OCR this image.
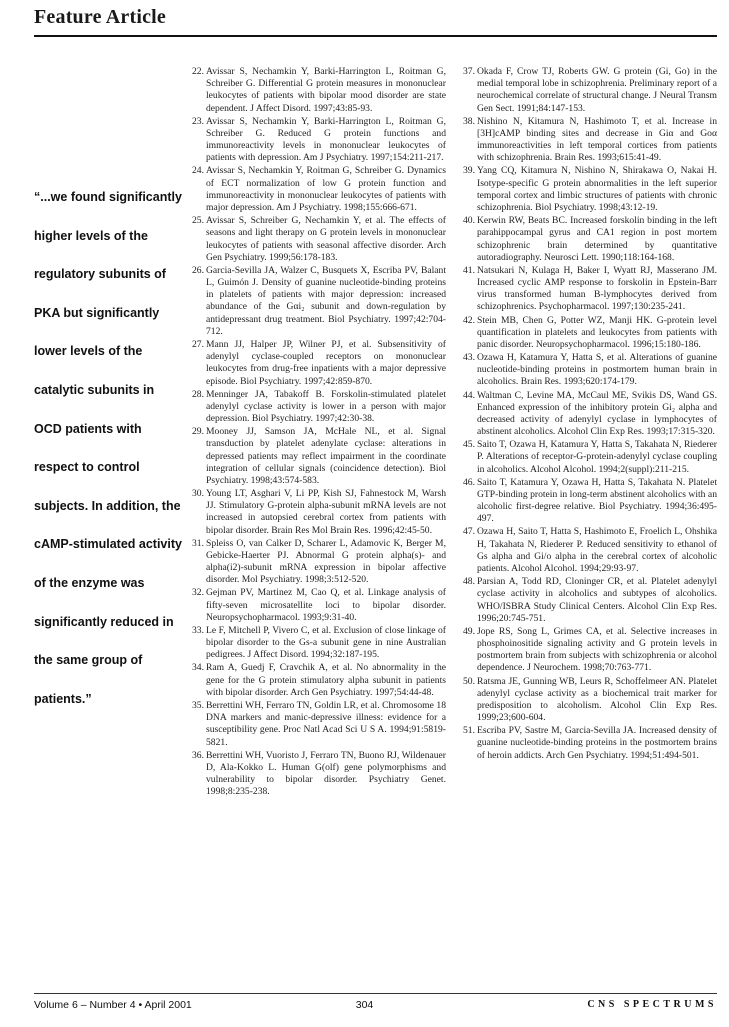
Feature Article
“...we found significantly higher levels of the regulatory subunits of PKA but significantly lower levels of the catalytic subunits in OCD patients with respect to control subjects. In addition, the cAMP-stimulated activity of the enzyme was significantly reduced in the same group of patients.”
22. Avissar S, Nechamkin Y, Barki-Harrington L, Roitman G, Schreiber G. Differential G protein measures in mononuclear leukocytes of patients with bipolar mood disorder are state dependent. J Affect Disord. 1997;43:85-93.
23. Avissar S, Nechamkin Y, Barki-Harrington L, Roitman G, Schreiber G. Reduced G protein functions and immunoreactivity levels in mononuclear leukocytes of patients with depression. Am J Psychiatry. 1997;154:211-217.
24. Avissar S, Nechamkin Y, Roitman G, Schreiber G. Dynamics of ECT normalization of low G protein function and immunoreactivity in mononuclear leukocytes of patients with major depression. Am J Psychiatry. 1998;155:666-671.
25. Avissar S, Schreiber G, Nechamkin Y, et al. The effects of seasons and light therapy on G protein levels in mononuclear leukocytes of patients with seasonal affective disorder. Arch Gen Psychiatry. 1999;56:178-183.
26. Garcia-Sevilla JA, Walzer C, Busquets X, Escriba PV, Balant L, Guimón J. Density of guanine nucleotide-binding proteins in platelets of patients with major depression: increased abundance of the Gαi₂ subunit and down-regulation by antidepressant drug treatment. Biol Psychiatry. 1997;42:704-712.
27. Mann JJ, Halper JP, Wilner PJ, et al. Subsensitivity of adenylyl cyclase-coupled receptors on mononuclear leukocytes from drug-free inpatients with a major depressive episode. Biol Psychiatry. 1997;42:859-870.
28. Menninger JA, Tabakoff B. Forskolin-stimulated platelet adenylyl cyclase activity is lower in a person with major depression. Biol Psychiatry. 1997;42:30-38.
29. Mooney JJ, Samson JA, McHale NL, et al. Signal transduction by platelet adenylate cyclase: alterations in depressed patients may reflect impairment in the coordinate integration of cellular signals (coincidence detection). Biol Psychiatry. 1998;43:574-583.
30. Young LT, Asghari V, Li PP, Kish SJ, Fahnestock M, Warsh JJ. Stimulatory G-protein alpha-subunit mRNA levels are not increased in autopsied cerebral cortex from patients with bipolar disorder. Brain Res Mol Brain Res. 1996;42:45-50.
31. Spleiss O, van Calker D, Scharer L, Adamovic K, Berger M, Gebicke-Haerter PJ. Abnormal G protein alpha(s)- and alpha(i2)-subunit mRNA expression in bipolar affective disorder. Mol Psychiatry. 1998;3:512-520.
32. Gejman PV, Martinez M, Cao Q, et al. Linkage analysis of fifty-seven microsatellite loci to bipolar disorder. Neuropsychopharmacol. 1993;9:31-40.
33. Le F, Mitchell P, Vivero C, et al. Exclusion of close linkage of bipolar disorder to the Gs-a subunit gene in nine Australian pedigrees. J Affect Disord. 1994;32:187-195.
34. Ram A, Guedj F, Cravchik A, et al. No abnormality in the gene for the G protein stimulatory alpha subunit in patients with bipolar disorder. Arch Gen Psychiatry. 1997;54:44-48.
35. Berrettini WH, Ferraro TN, Goldin LR, et al. Chromosome 18 DNA markers and manic-depressive illness: evidence for a susceptibility gene. Proc Natl Acad Sci U S A. 1994;91:5819-5821.
36. Berrettini WH, Vuoristo J, Ferraro TN, Buono RJ, Wildenauer D, Ala-Kokko L. Human G(olf) gene polymorphisms and vulnerability to bipolar disorder. Psychiatry Genet. 1998;8:235-238.
37. Okada F, Crow TJ, Roberts GW. G protein (Gi, Go) in the medial temporal lobe in schizophrenia. Preliminary report of a neurochemical correlate of structural change. J Neural Transm Gen Sect. 1991;84:147-153.
38. Nishino N, Kitamura N, Hashimoto T, et al. Increase in [3H]cAMP binding sites and decrease in Giα and Goα immunoreactivities in left temporal cortices from patients with schizophrenia. Brain Res. 1993;615:41-49.
39. Yang CQ, Kitamura N, Nishino N, Shirakawa O, Nakai H. Isotype-specific G protein abnormalities in the left superior temporal cortex and limbic structures of patients with chronic schizophrenia. Biol Psychiatry. 1998;43:12-19.
40. Kerwin RW, Beats BC. Increased forskolin binding in the left parahippocampal gyrus and CA1 region in post mortem schizophrenic brain determined by quantitative autoradiography. Neurosci Lett. 1990;118:164-168.
41. Natsukari N, Kulaga H, Baker I, Wyatt RJ, Masserano JM. Increased cyclic AMP response to forskolin in Epstein-Barr virus transformed human B-lymphocytes derived from schizophrenics. Psychopharmacol. 1997;130:235-241.
42. Stein MB, Chen G, Potter WZ, Manji HK. G-protein level quantification in platelets and leukocytes from patients with panic disorder. Neuropsychopharmacol. 1996;15:180-186.
43. Ozawa H, Katamura Y, Hatta S, et al. Alterations of guanine nucleotide-binding proteins in postmortem human brain in alcoholics. Brain Res. 1993;620:174-179.
44. Waltman C, Levine MA, McCaul ME, Svikis DS, Wand GS. Enhanced expression of the inhibitory protein Gi₂ alpha and decreased activity of adenylyl cyclase in lymphocytes of abstinent alcoholics. Alcohol Clin Exp Res. 1993;17:315-320.
45. Saito T, Ozawa H, Katamura Y, Hatta S, Takahata N, Riederer P. Alterations of receptor-G-protein-adenylyl cyclase coupling in alcoholics. Alcohol Alcohol. 1994;2(suppl):211-215.
46. Saito T, Katamura Y, Ozawa H, Hatta S, Takahata N. Platelet GTP-binding protein in long-term abstinent alcoholics with an alcoholic first-degree relative. Biol Psychiatry. 1994;36:495-497.
47. Ozawa H, Saito T, Hatta S, Hashimoto E, Froelich L, Ohshika H, Takahata N, Riederer P. Reduced sensitivity to ethanol of Gs alpha and Gi/o alpha in the cerebral cortex of alcoholic patients. Alcohol Alcohol. 1994;29:93-97.
48. Parsian A, Todd RD, Cloninger CR, et al. Platelet adenylyl cyclase activity in alcoholics and subtypes of alcoholics. WHO/ISBRA Study Clinical Centers. Alcohol Clin Exp Res. 1996;20:745-751.
49. Jope RS, Song L, Grimes CA, et al. Selective increases in phosphoinositide signaling activity and G protein levels in postmortem brain from subjects with schizophrenia or alcohol dependence. J Neurochem. 1998;70:763-771.
50. Ratsma JE, Gunning WB, Leurs R, Schoffelmeer AN. Platelet adenylyl cyclase activity as a biochemical trait marker for predisposition to alcoholism. Alcohol Clin Exp Res. 1999;23;600-604.
51. Escriba PV, Sastre M, Garcia-Sevilla JA. Increased density of guanine nucleotide-binding proteins in the postmortem brains of heroin addicts. Arch Gen Psychiatry. 1994;51:494-501.
Volume 6 – Number 4 • April 2001	304	CNS SPECTRUMS
